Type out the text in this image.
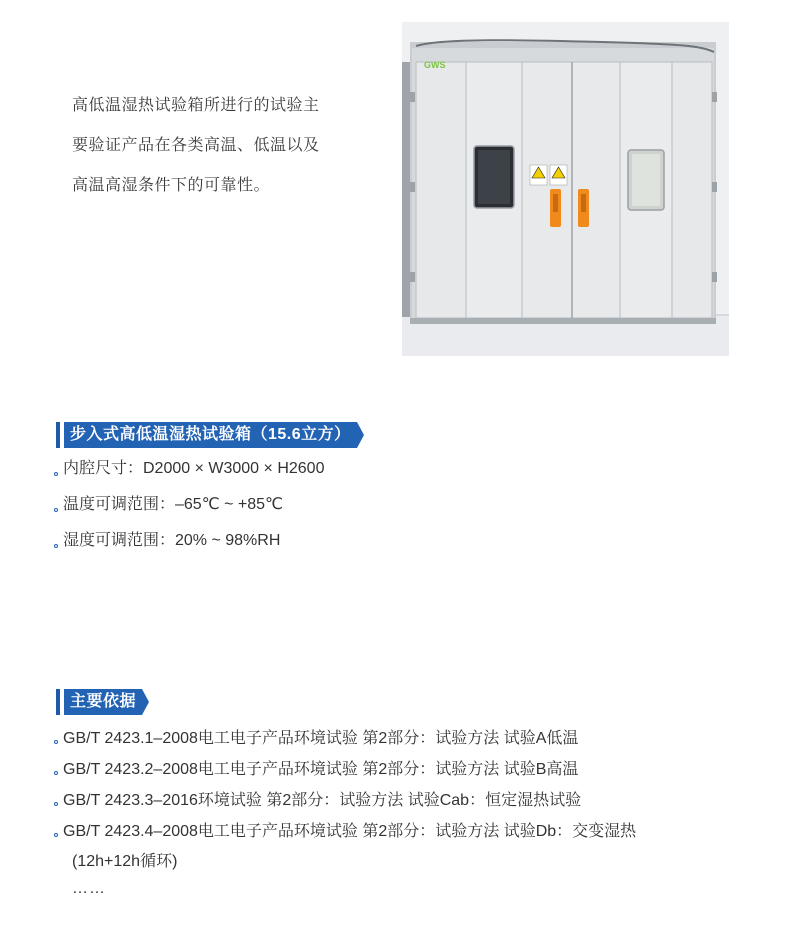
高低温湿热试验箱所进行的试验主

要验证产品在各类高温、低温以及

高温高湿条件下的可靠性。

GWS
步入式高低温湿热试验箱（15.6立方）
内腔尺寸：D2000 × W3000 × H2600
温度可调范围：–65℃ ~ +85℃
湿度可调范围：20% ~ 98%RH
主要依据
GB/T 2423.1–2008电工电子产品环境试验 第2部分：试验方法 试验A低温
GB/T 2423.2–2008电工电子产品环境试验 第2部分：试验方法 试验B高温
GB/T 2423.3–2016环境试验 第2部分：试验方法 试验Cab：恒定湿热试验
GB/T 2423.4–2008电工电子产品环境试验 第2部分：试验方法 试验Db：交变湿热
(12h+12h循环)
……
